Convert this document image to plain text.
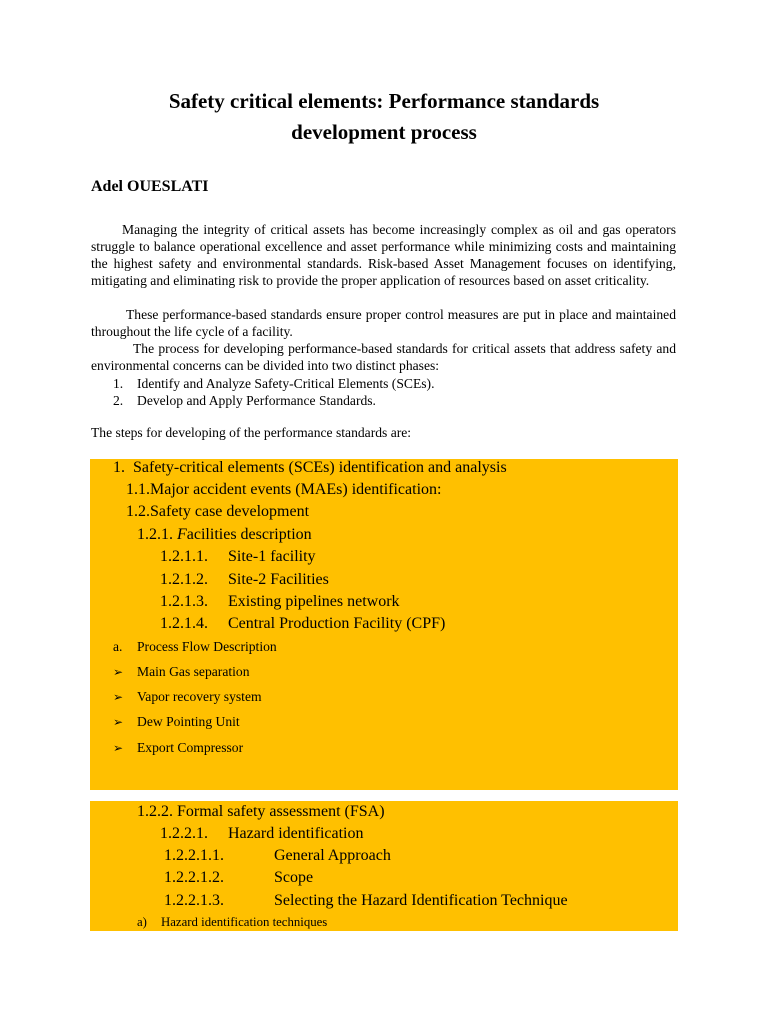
Safety critical elements: Performance standards
development process
Adel OUESLATI
Managing the integrity of critical assets has become increasingly complex as oil and gas operators struggle to balance operational excellence and asset performance while minimizing costs and maintaining the highest safety and environmental standards. Risk-based Asset Management focuses on identifying, mitigating and eliminating risk to provide the proper application of resources based on asset criticality.
These performance-based standards ensure proper control measures are put in place and maintained throughout the life cycle of a facility.
The process for developing performance-based standards for critical assets that address safety and environmental concerns can be divided into two distinct phases:
1. Identify and Analyze Safety-Critical Elements (SCEs).
2. Develop and Apply Performance Standards.
The steps for developing of the performance standards are:
1. Safety-critical elements (SCEs) identification and analysis
1.1.Major accident events (MAEs) identification:
1.2.Safety case development
1.2.1. Facilities description
1.2.1.1. Site-1 facility
1.2.1.2. Site-2 Facilities
1.2.1.3. Existing pipelines network
1.2.1.4. Central Production Facility (CPF)
a. Process Flow Description
➢ Main Gas separation
➢ Vapor recovery system
➢ Dew Pointing Unit
➢ Export Compressor
1.2.2. Formal safety assessment (FSA)
1.2.2.1. Hazard identification
1.2.2.1.1.	General Approach
1.2.2.1.2.	Scope
1.2.2.1.3.	Selecting the Hazard Identification Technique
a) Hazard identification techniques
